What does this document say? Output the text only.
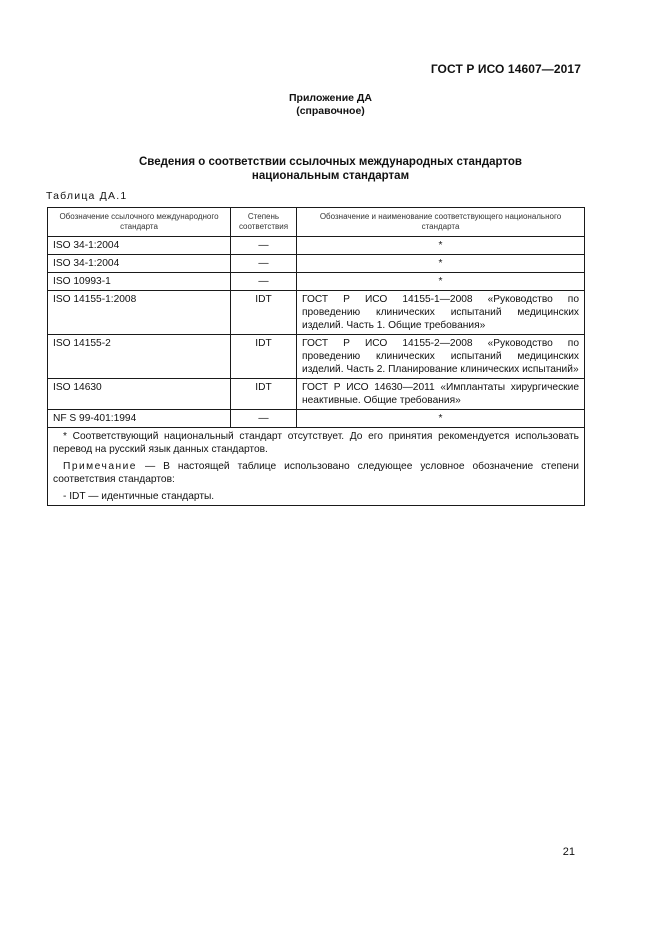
ГОСТ Р ИСО 14607—2017
Приложение ДА
(справочное)
Сведения о соответствии ссылочных международных стандартов
национальным стандартам
Таблица ДА.1
Обозначение ссылочного международного стандарта	Степень соответствия	Обозначение и наименование соответствующего национального стандарта
ISO 34-1:2004	—	*
ISO 34-1:2004	—	*
ISO 10993-1	—	*
ISO 14155-1:2008	IDT	ГОСТ Р ИСО 14155-1—2008 «Руководство по проведению клинических испытаний медицинских изделий. Часть 1. Общие требования»
ISO 14155-2	IDT	ГОСТ Р ИСО 14155-2—2008 «Руководство по проведению клинических испытаний медицинских изделий. Часть 2. Планирование клинических испытаний»
ISO 14630	IDT	ГОСТ Р ИСО 14630—2011 «Имплантаты хирургические неактивные. Общие требования»
NF S 99-401:1994	—	*

* Соответствующий национальный стандарт отсутствует. До его принятия рекомендуется использовать перевод на русский язык данных стандартов.

Примечание — В настоящей таблице использовано следующее условное обозначение степени соответствия стандартов:

- IDT — идентичные стандарты.		

21
